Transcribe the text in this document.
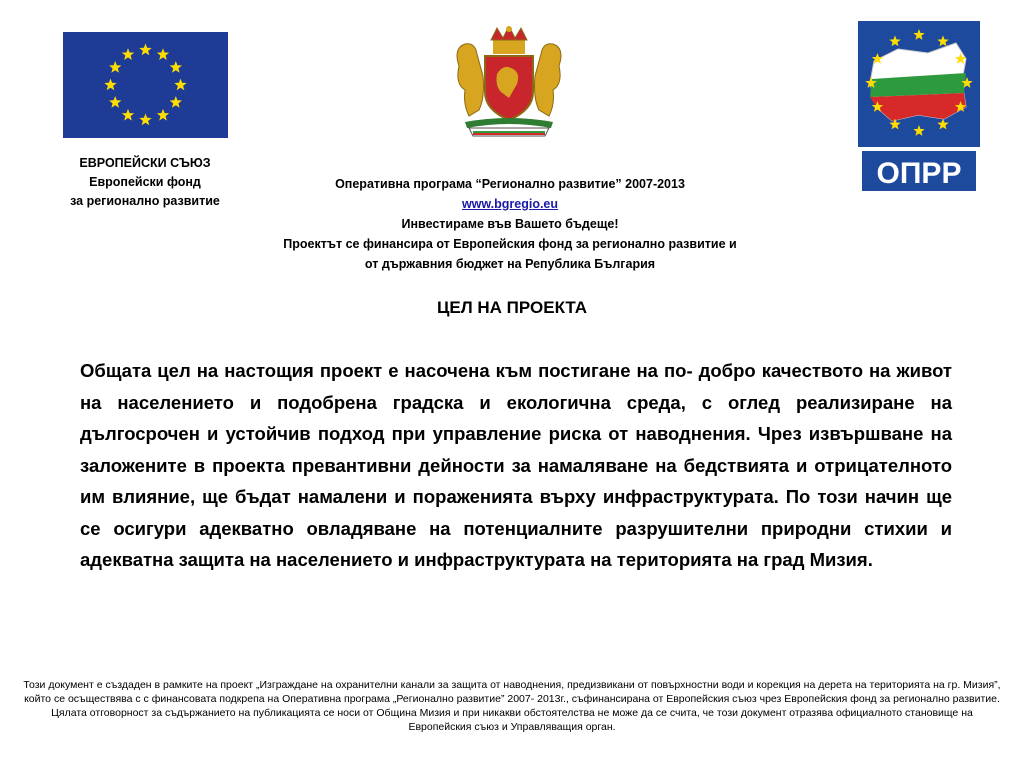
ЕВРОПЕЙСКИ СЪЮЗ
Европейски фонд
за регионално развитие
ОПРР
Оперативна програма “Регионално развитие” 2007-2013
www.bgregio.eu
Инвестираме във Вашето бъдеще!
Проектът се финансира от Европейския фонд за регионално развитие и
от държавния бюджет на Република България
ЦЕЛ НА ПРОЕКТА

Общата цел на настощия проект е насочена към постигане на по- добро качеството на живот на населението и подобрена градска и екологична среда, с оглед реализиране на дългосрочен и устойчив подход при управление риска от наводнения. Чрез извършване на заложените в проекта превантивни дейности за намаляване на бедствията и отрицателното им влияние, ще бъдат намалени и пораженията върху инфраструктурата. По този начин ще се осигури адекватно овладяване на потенциалните разрушителни природни стихии и адекватна защита на населението и инфраструктурата на територията на град Мизия.

Този документ е създаден в рамките на проект „Изграждане на охранителни канали за защита от наводнения, предизвикани от повърхностни води и корекция на дерета на територията на гр. Мизия”, който се осъществява с с финансовата подкрепа на Оперативна програма „Регионално развитие” 2007- 2013г., съфинансирана от Европейския съюз чрез Европейския фонд за регионално развитие. Цялата отговорност за съдържанието на публикацията се носи от Община Мизия и при никакви обстоятелства не може да се счита, че този документ отразява официалното становище на Европейския съюз и Управляващия орган.
